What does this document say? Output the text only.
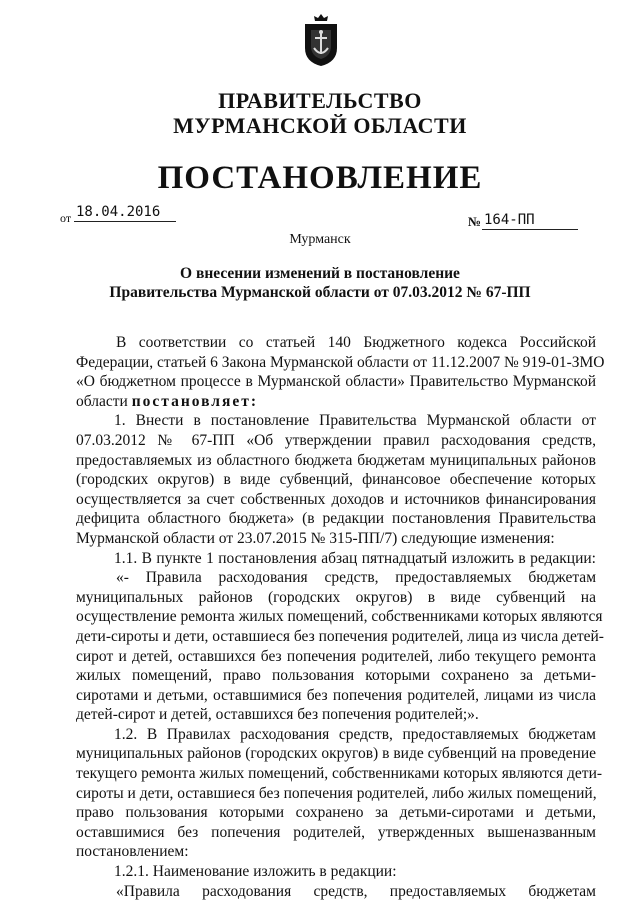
ПРАВИТЕЛЬСТВО
МУРМАНСКОЙ ОБЛАСТИ
ПОСТАНОВЛЕНИЕ
от 18.04.2016
№ 164-ПП
Мурманск
О внесении изменений в постановление
Правительства Мурманской области от 07.03.2012 № 67-ПП
В соответствии со статьей 140 Бюджетного кодекса Российской
Федерации, статьей 6 Закона Мурманской области от 11.12.2007 № 919-01-ЗМО
«О бюджетном процессе в Мурманской области» Правительство Мурманской
области постановляет:
1. Внести в постановление Правительства Мурманской области от
07.03.2012 № 67-ПП «Об утверждении правил расходования средств,
предоставляемых из областного бюджета бюджетам муниципальных районов
(городских округов) в виде субвенций, финансовое обеспечение которых
осуществляется за счет собственных доходов и источников финансирования
дефицита областного бюджета» (в редакции постановления Правительства
Мурманской области от 23.07.2015 № 315-ПП/7) следующие изменения:
1.1. В пункте 1 постановления абзац пятнадцатый изложить в редакции:
«- Правила расходования средств, предоставляемых бюджетам
муниципальных районов (городских округов) в виде субвенций на
осуществление ремонта жилых помещений, собственниками которых являются
дети-сироты и дети, оставшиеся без попечения родителей, лица из числа детей-
сирот и детей, оставшихся без попечения родителей, либо текущего ремонта
жилых помещений, право пользования которыми сохранено за детьми-
сиротами и детьми, оставшимися без попечения родителей, лицами из числа
детей-сирот и детей, оставшихся без попечения родителей;».
1.2. В Правилах расходования средств, предоставляемых бюджетам
муниципальных районов (городских округов) в виде субвенций на проведение
текущего ремонта жилых помещений, собственниками которых являются дети-
сироты и дети, оставшиеся без попечения родителей, либо жилых помещений,
право пользования которыми сохранено за детьми-сиротами и детьми,
оставшимися без попечения родителей, утвержденных вышеназванным
постановлением:
1.2.1. Наименование изложить в редакции:
«Правила расходования средств, предоставляемых бюджетам
